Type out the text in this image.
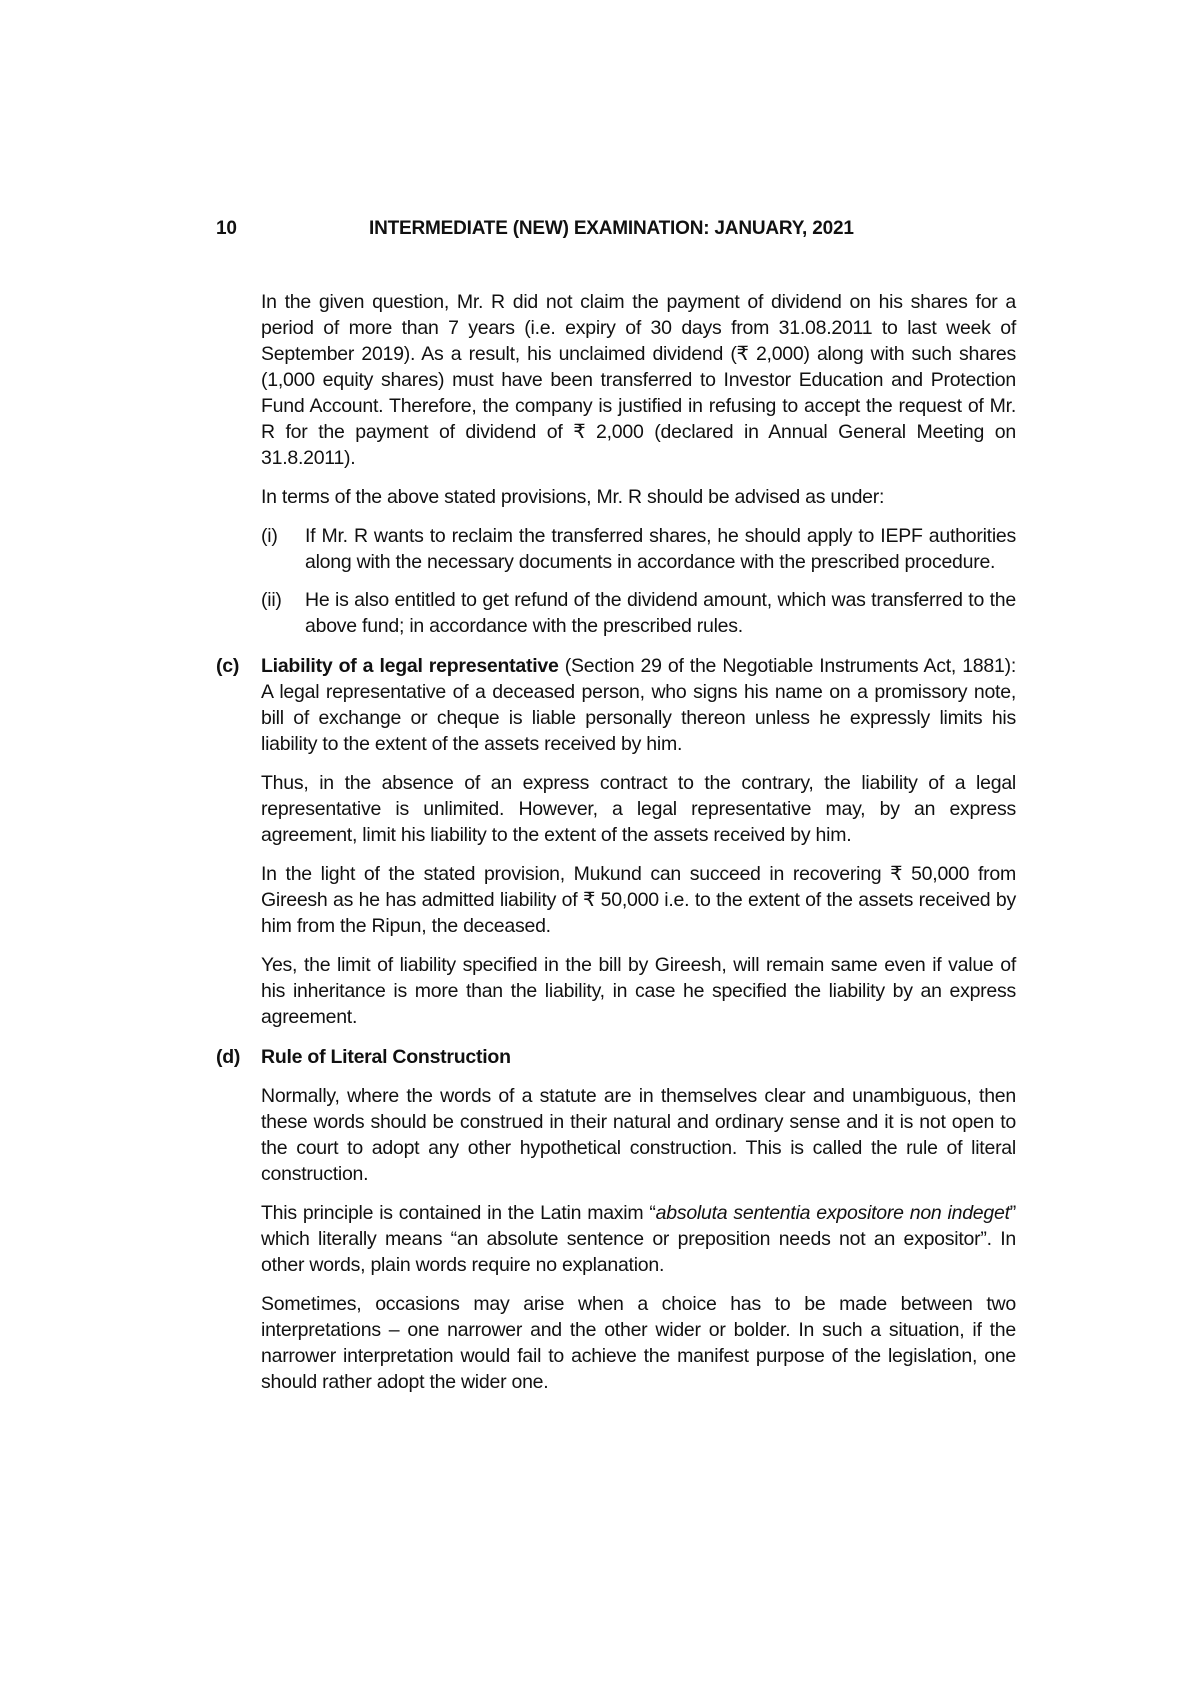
10	INTERMEDIATE (NEW) EXAMINATION: JANUARY, 2021

In the given question, Mr. R did not claim the payment of dividend on his shares for a period of more than 7 years (i.e. expiry of 30 days from 31.08.2011 to last week of September 2019). As a result, his unclaimed dividend (₹ 2,000) along with such shares (1,000 equity shares) must have been transferred to Investor Education and Protection Fund Account. Therefore, the company is justified in refusing to accept the request of Mr. R for the payment of dividend of ₹ 2,000 (declared in Annual General Meeting on 31.8.2011).

In terms of the above stated provisions, Mr. R should be advised as under:

(i) If Mr. R wants to reclaim the transferred shares, he should apply to IEPF authorities along with the necessary documents in accordance with the prescribed procedure.
(ii) He is also entitled to get refund of the dividend amount, which was transferred to the above fund; in accordance with the prescribed rules.
(c) Liability of a legal representative (Section 29 of the Negotiable Instruments Act, 1881): A legal representative of a deceased person, who signs his name on a promissory note, bill of exchange or cheque is liable personally thereon unless he expressly limits his liability to the extent of the assets received by him.

Thus, in the absence of an express contract to the contrary, the liability of a legal representative is unlimited. However, a legal representative may, by an express agreement, limit his liability to the extent of the assets received by him.

In the light of the stated provision, Mukund can succeed in recovering ₹ 50,000 from Gireesh as he has admitted liability of ₹ 50,000 i.e. to the extent of the assets received by him from the Ripun, the deceased.

Yes, the limit of liability specified in the bill by Gireesh, will remain same even if value of his inheritance is more than the liability, in case he specified the liability by an express agreement.

(d) Rule of Literal Construction

Normally, where the words of a statute are in themselves clear and unambiguous, then these words should be construed in their natural and ordinary sense and it is not open to the court to adopt any other hypothetical construction. This is called the rule of literal construction.

This principle is contained in the Latin maxim “absoluta sententia expositore non indeget” which literally means “an absolute sentence or preposition needs not an expositor”. In other words, plain words require no explanation.

Sometimes, occasions may arise when a choice has to be made between two interpretations – one narrower and the other wider or bolder. In such a situation, if the narrower interpretation would fail to achieve the manifest purpose of the legislation, one should rather adopt the wider one.
